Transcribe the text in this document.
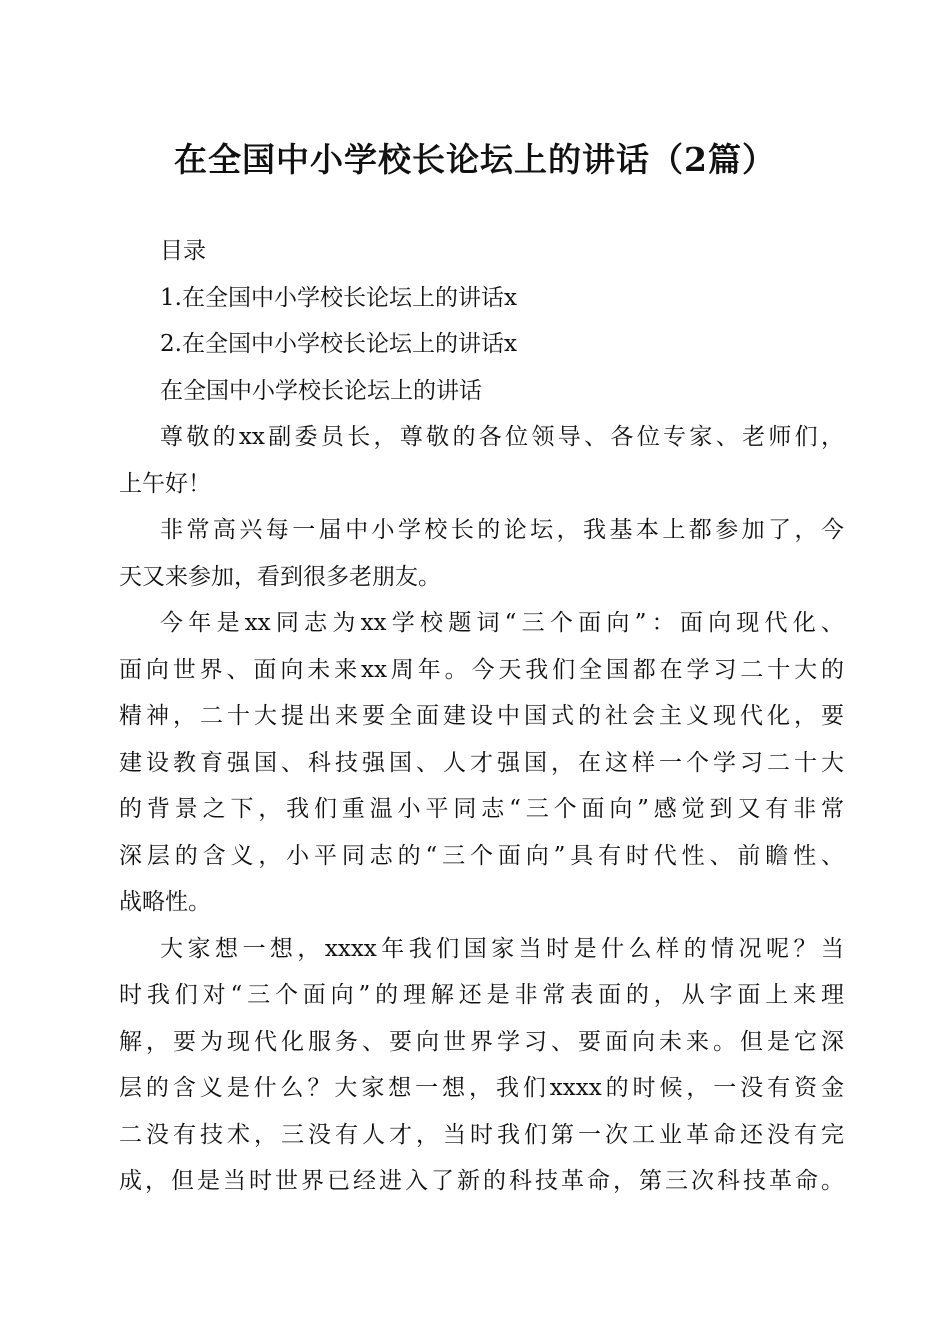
在全国中小学校长论坛上的讲话（2篇）

目录

1.在全国中小学校长论坛上的讲话x

2.在全国中小学校长论坛上的讲话x

在全国中小学校长论坛上的讲话

尊敬的xx副委员长，尊敬的各位领导、各位专家、老师们，

上午好！

非常高兴每一届中小学校长的论坛，我基本上都参加了，今

天又来参加，看到很多老朋友。

今年是xx同志为xx学校题词“三个面向”：面向现代化、

面向世界、面向未来xx周年。今天我们全国都在学习二十大的

精神，二十大提出来要全面建设中国式的社会主义现代化，要

建设教育强国、科技强国、人才强国，在这样一个学习二十大

的背景之下，我们重温小平同志“三个面向”感觉到又有非常

深层的含义，小平同志的“三个面向”具有时代性、前瞻性、

战略性。

大家想一想，xxxx年我们国家当时是什么样的情况呢？当

时我们对“三个面向”的理解还是非常表面的，从字面上来理

解，要为现代化服务、要向世界学习、要面向未来。但是它深

层的含义是什么？大家想一想，我们xxxx的时候，一没有资金

二没有技术，三没有人才，当时我们第一次工业革命还没有完

成，但是当时世界已经进入了新的科技革命，第三次科技革命。
